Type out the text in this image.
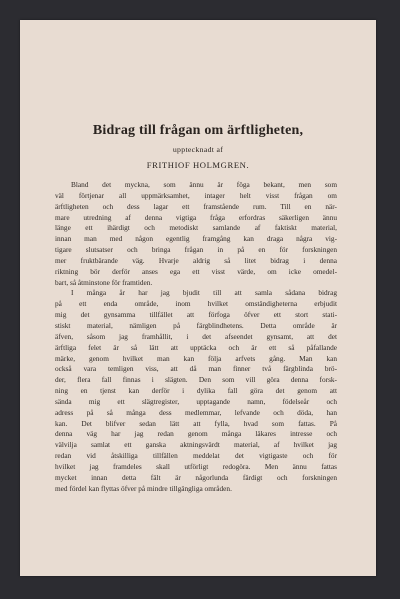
Bidrag till frågan om ärftligheten,
upptecknadt af
FRITHIOF HOLMGREN.
Bland det myckna, som ännu är föga bekant, men som
väl förtjenar all uppmärksamhet, intager helt visst frågan om
ärftligheten och dess lagar ett framstående rum. Till en när-
mare utredning af denna vigtiga fråga erfordras säkerligen ännu
länge ett ihärdigt och metodiskt samlande af faktiskt material,
innan man med någon egentlig framgång kan draga några vig-
tigare slutsatser och bringa frågan in på en för forskningen
mer fruktbärande väg. Hvarje aldrig så litet bidrag i denna
riktning bör derför anses ega ett visst värde, om icke omedel-
bart, så åtminstone för framtiden.
I många år har jag bjudit till att samla sådana bidrag
på ett enda område, inom hvilket omständigheterna erbjudit
mig det gynsamma tillfället att förfoga öfver ett stort stati-
stiskt material, nämligen på färgblindhetens. Detta område är
äfven, såsom jag framhållit, i det afseendet gynsamt, att det
ärftliga felet är så lätt att upptäcka och är ett så påfallande
märke, genom hvilket man kan följa arfvets gång. Man kan
också vara temligen viss, att då man finner två färgblinda brö-
der, flera fall finnas i slägten. Den som vill göra denna forsk-
ning en tjenst kan derför i dylika fall göra det genom att
sända mig ett slägtregister, upptagande namn, födelseår och
adress på så många dess medlemmar, lefvande och döda, han
kan. Det blifver sedan lätt att fylla, hvad som fattas. På
denna väg har jag redan genom många läkares intresse och
välvilja samlat ett ganska aktningsvärdt material, af hvilket jag
redan vid åtskilliga tillfällen meddelat det vigtigaste och för
hvilket jag framdeles skall utförligt redogöra. Men ännu fattas
mycket innan detta fält är någorlunda färdigt och forskningen
med fördel kan flyttas öfver på mindre tillgängliga områden.
